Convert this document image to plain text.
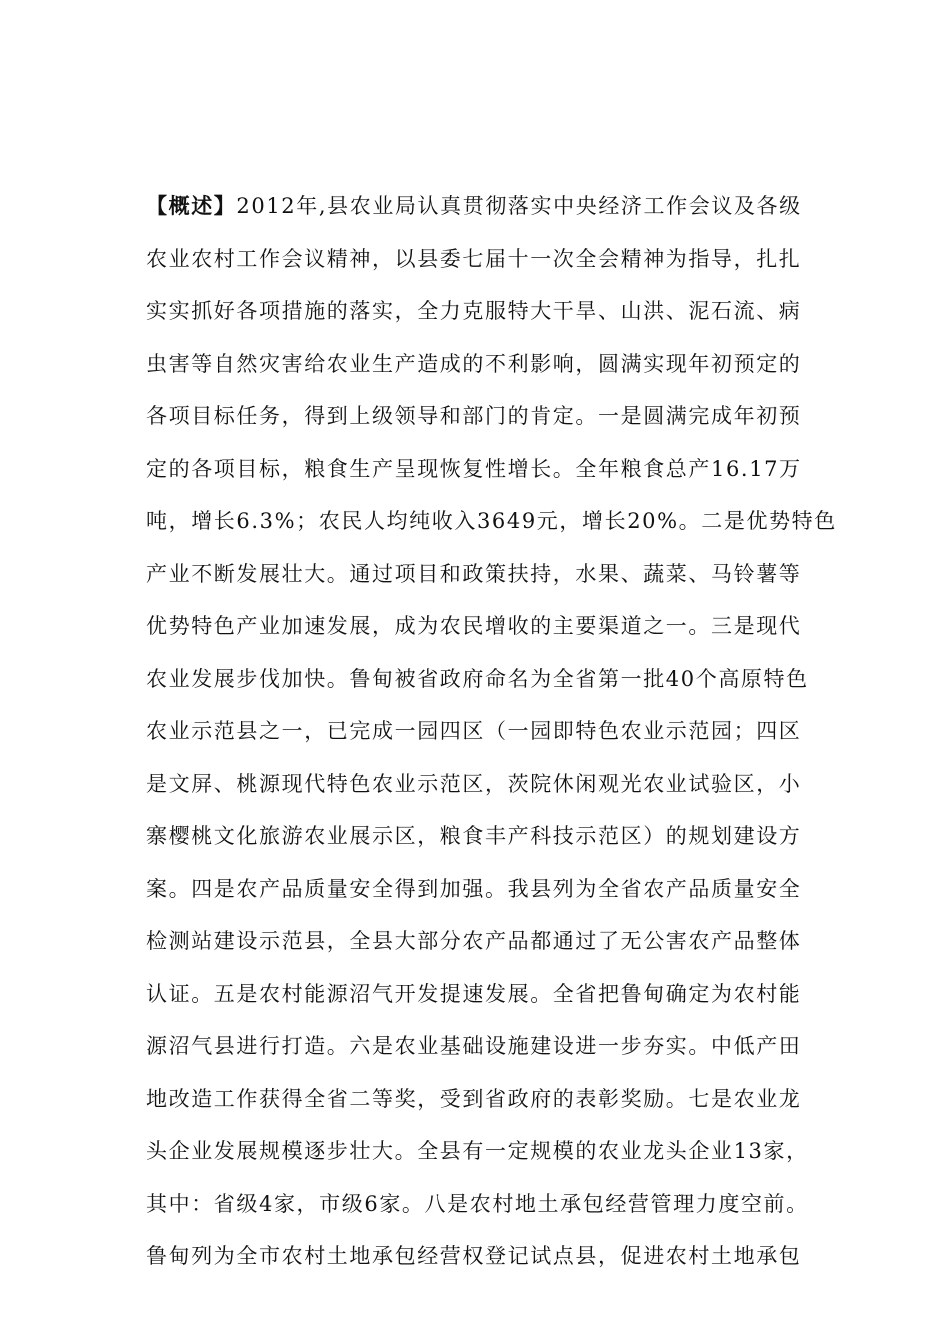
【概述】2012年,县农业局认真贯彻落实中央经济工作会议及各级
农业农村工作会议精神，以县委七届十一次全会精神为指导，扎扎
实实抓好各项措施的落实，全力克服特大干旱、山洪、泥石流、病
虫害等自然灾害给农业生产造成的不利影响，圆满实现年初预定的
各项目标任务，得到上级领导和部门的肯定。一是圆满完成年初预
定的各项目标，粮食生产呈现恢复性增长。全年粮食总产16.17万
吨，增长6.3%；农民人均纯收入3649元，增长20%。二是优势特色
产业不断发展壮大。通过项目和政策扶持，水果、蔬菜、马铃薯等
优势特色产业加速发展，成为农民增收的主要渠道之一。三是现代
农业发展步伐加快。鲁甸被省政府命名为全省第一批40个高原特色
农业示范县之一，已完成一园四区（一园即特色农业示范园；四区
是文屏、桃源现代特色农业示范区，茨院休闲观光农业试验区，小
寨樱桃文化旅游农业展示区，粮食丰产科技示范区）的规划建设方
案。四是农产品质量安全得到加强。我县列为全省农产品质量安全
检测站建设示范县，全县大部分农产品都通过了无公害农产品整体
认证。五是农村能源沼气开发提速发展。全省把鲁甸确定为农村能
源沼气县进行打造。六是农业基础设施建设进一步夯实。中低产田
地改造工作获得全省二等奖，受到省政府的表彰奖励。七是农业龙
头企业发展规模逐步壮大。全县有一定规模的农业龙头企业13家，
其中：省级4家，市级6家。八是农村地土承包经营管理力度空前。
鲁甸列为全市农村土地承包经营权登记试点县，促进农村土地承包
